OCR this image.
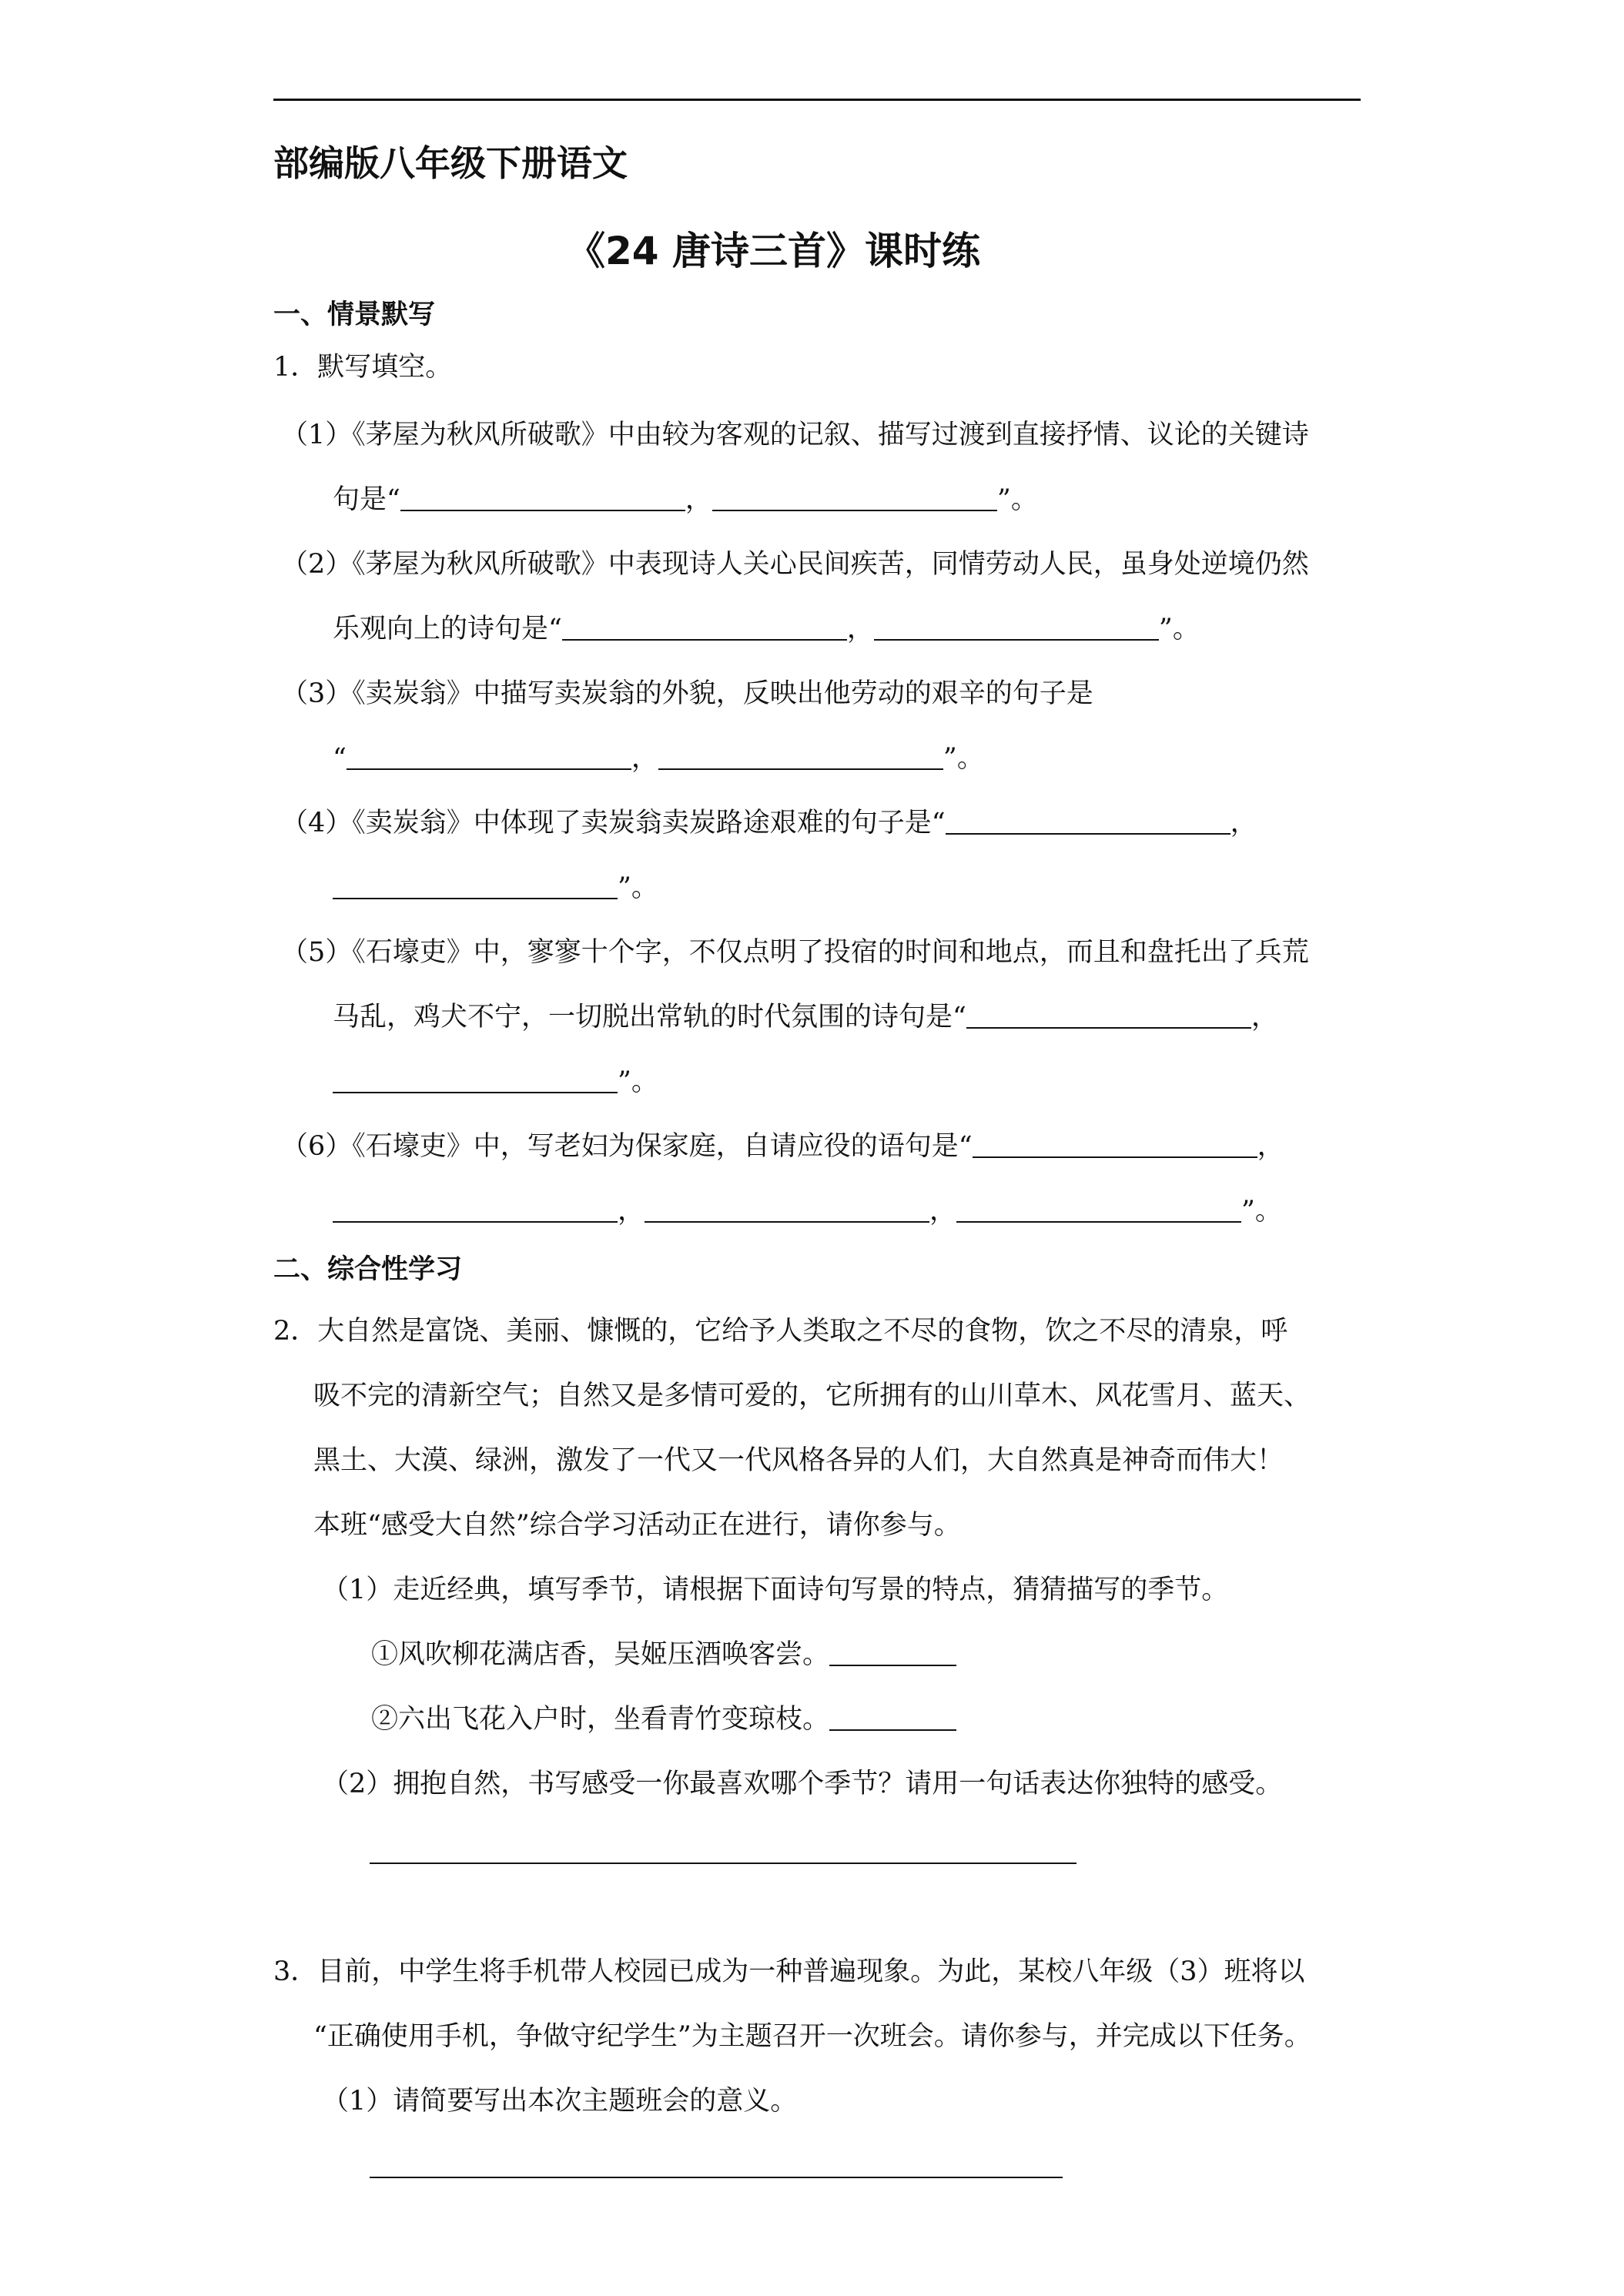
部编版八年级下册语文
《24 唐诗三首》课时练
一、情景默写
1．默写填空。
（1）《茅屋为秋风所破歌》中由较为客观的记叙、描写过渡到直接抒情、议论的关键诗
句是“	，	”。
（2）《茅屋为秋风所破歌》中表现诗人关心民间疾苦，同情劳动人民，虽身处逆境仍然
乐观向上的诗句是“	，	”。
（3）《卖炭翁》中描写卖炭翁的外貌，反映出他劳动的艰辛的句子是
“	，	”。
（4）《卖炭翁》中体现了卖炭翁卖炭路途艰难的句子是“	，
”。
（5）《石壕吏》中，寥寥十个字，不仅点明了投宿的时间和地点，而且和盘托出了兵荒
马乱，鸡犬不宁，一切脱出常轨的时代氛围的诗句是“	，
”。
（6）《石壕吏》中，写老妇为保家庭，自请应役的语句是“	，
，	，	”。
二、综合性学习
2．大自然是富饶、美丽、慷慨的，它给予人类取之不尽的食物，饮之不尽的清泉，呼
吸不完的清新空气；自然又是多情可爱的，它所拥有的山川草木、风花雪月、蓝天、
黑土、大漠、绿洲，激发了一代又一代风格各异的人们，大自然真是神奇而伟大！
本班“感受大自然”综合学习活动正在进行，请你参与。
（1）走近经典，填写季节，请根据下面诗句写景的特点，猜猜描写的季节。
①风吹柳花满店香，吴姬压酒唤客尝。
②六出飞花入户时，坐看青竹变琼枝。
（2）拥抱自然，书写感受一你最喜欢哪个季节？请用一句话表达你独特的感受。
3．目前，中学生将手机带人校园已成为一种普遍现象。为此，某校八年级（3）班将以
“正确使用手机，争做守纪学生”为主题召开一次班会。请你参与，并完成以下任务。
（1）请简要写出本次主题班会的意义。
